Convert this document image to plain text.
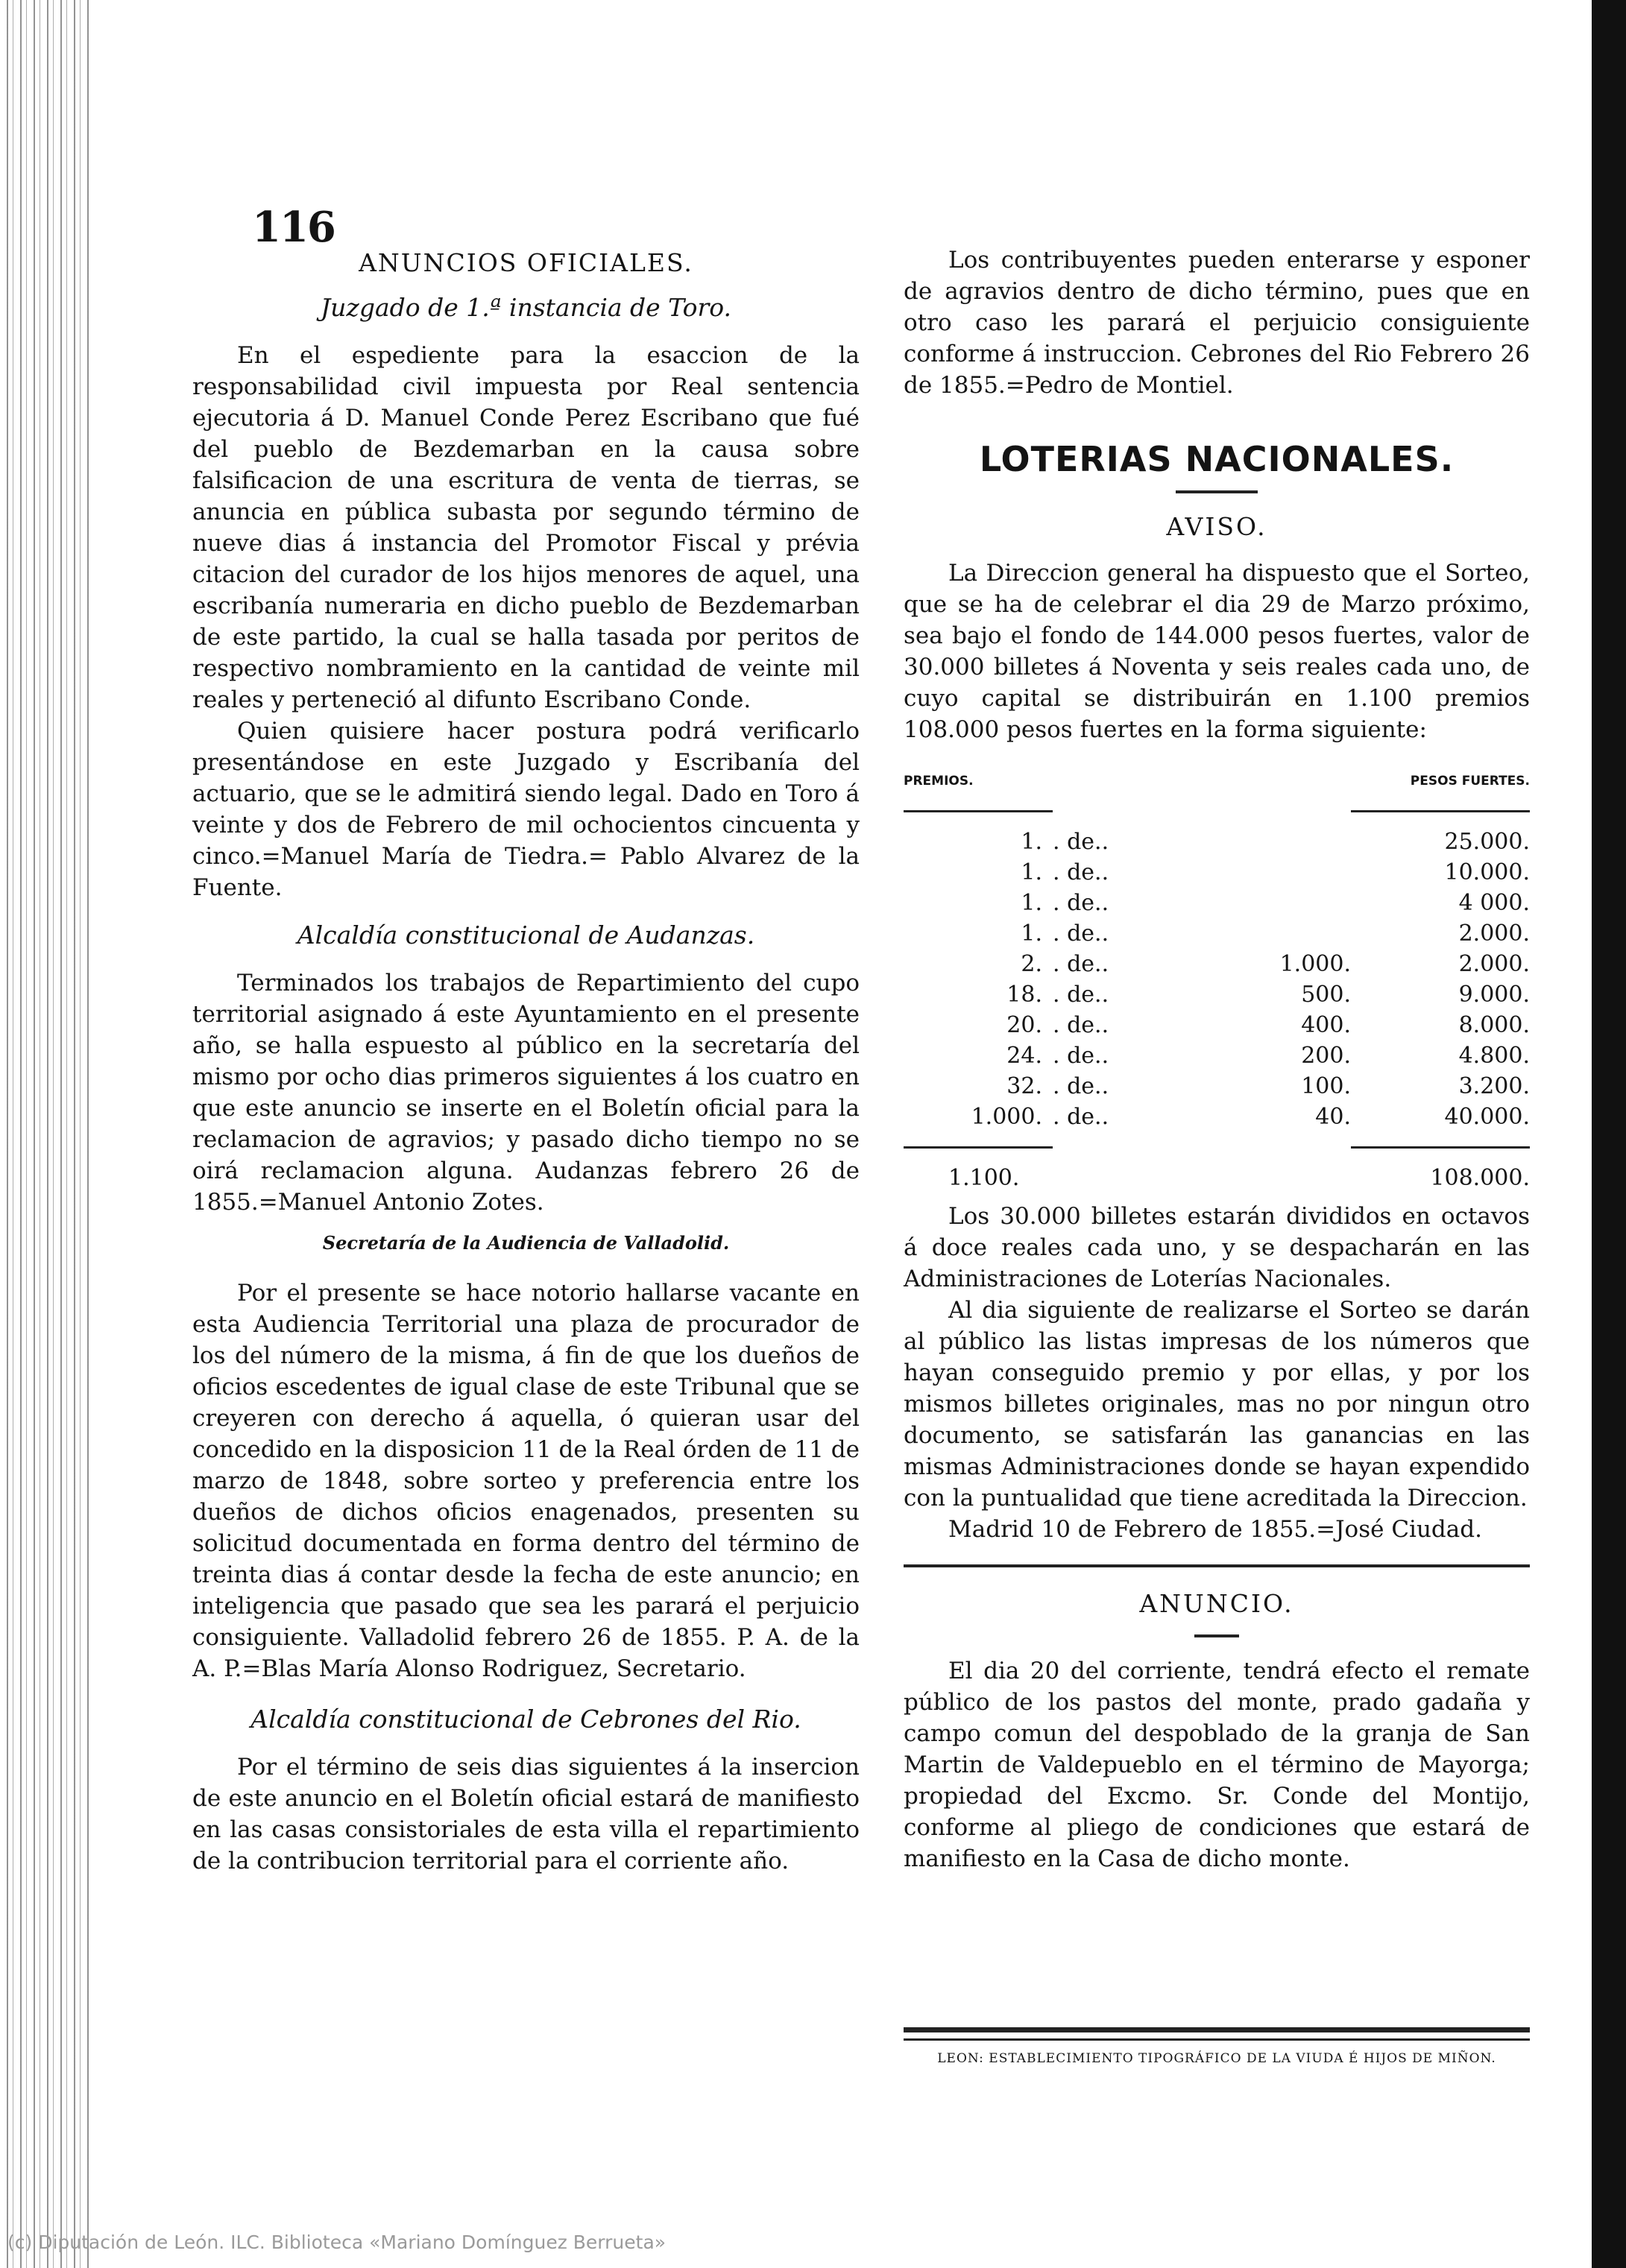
116
ANUNCIOS OFICIALES.
Juzgado de 1.ª instancia de Toro.

En el espediente para la esaccion de la responsabilidad civil impuesta por Real sentencia ejecutoria á D. Manuel Conde Perez Escribano que fué del pueblo de Bezdemarban en la causa sobre falsificacion de una escritura de venta de tierras, se anuncia en pública subasta por segundo término de nueve dias á instancia del Promotor Fiscal y prévia citacion del curador de los hijos menores de aquel, una escribanía numeraria en dicho pueblo de Bezdemarban de este partido, la cual se halla tasada por peritos de respectivo nombramiento en la cantidad de veinte mil reales y perteneció al difunto Escribano Conde.

Quien quisiere hacer postura podrá verificarlo presentándose en este Juzgado y Escribanía del actuario, que se le admitirá siendo legal. Dado en Toro á veinte y dos de Febrero de mil ochocientos cincuenta y cinco.=Manuel María de Tiedra.= Pablo Alvarez de la Fuente.

Alcaldía constitucional de Audanzas.

Terminados los trabajos de Repartimiento del cupo territorial asignado á este Ayuntamiento en el presente año, se halla espuesto al público en la secretaría del mismo por ocho dias primeros siguientes á los cuatro en que este anuncio se inserte en el Boletín oficial para la reclamacion de agravios; y pasado dicho tiempo no se oirá reclamacion alguna. Audanzas febrero 26 de 1855.=Manuel Antonio Zotes.

Secretaría de la Audiencia de Valladolid.

Por el presente se hace notorio hallarse vacante en esta Audiencia Territorial una plaza de procurador de los del número de la misma, á fin de que los dueños de oficios escedentes de igual clase de este Tribunal que se creyeren con derecho á aquella, ó quieran usar del concedido en la disposicion 11 de la Real órden de 11 de marzo de 1848, sobre sorteo y preferencia entre los dueños de dichos oficios enagenados, presenten su solicitud documentada en forma dentro del término de treinta dias á contar desde la fecha de este anuncio; en inteligencia que pasado que sea les parará el perjuicio consiguiente. Valladolid febrero 26 de 1855. P. A. de la A. P.=Blas María Alonso Rodriguez, Secretario.

Alcaldía constitucional de Cebrones del Rio.

Por el término de seis dias siguientes á la insercion de este anuncio en el Boletín oficial estará de manifiesto en las casas consistoriales de esta villa el repartimiento de la contribucion territorial para el corriente año.

Los contribuyentes pueden enterarse y esponer de agravios dentro de dicho término, pues que en otro caso les parará el perjuicio consiguiente conforme á instruccion. Cebrones del Rio Febrero 26 de 1855.=Pedro de Montiel.

LOTERIAS NACIONALES.
AVISO.

La Direccion general ha dispuesto que el Sorteo, que se ha de celebrar el dia 29 de Marzo próximo, sea bajo el fondo de 144.000 pesos fuertes, valor de 30.000 billetes á Noventa y seis reales cada uno, de cuyo capital se distribuirán en 1.100 premios 108.000 pesos fuertes en la forma siguiente:

PREMIOS.			PESOS FUERTES.

1.	. de..		25.000.
1.	. de..		10.000.
1.	. de..		4 000.
1.	. de..		2.000.
2.	. de..	1.000.	2.000.
18.	. de..	500.	9.000.
20.	. de..	400.	8.000.
24.	. de..	200.	4.800.
32.	. de..	100.	3.200.
1.000.	. de..	40.	40.000.

1.100.			108.000.

Los 30.000 billetes estarán divididos en octavos á doce reales cada uno, y se despacharán en las Administraciones de Loterías Nacionales.

Al dia siguiente de realizarse el Sorteo se darán al público las listas impresas de los números que hayan conseguido premio y por ellas, y por los mismos billetes originales, mas no por ningun otro documento, se satisfarán las ganancias en las mismas Administraciones donde se hayan expendido con la puntualidad que tiene acreditada la Direccion.

Madrid 10 de Febrero de 1855.=José Ciudad.

ANUNCIO.

El dia 20 del corriente, tendrá efecto el remate público de los pastos del monte, prado gadaña y campo comun del despoblado de la granja de San Martin de Valdepueblo en el término de Mayorga; propiedad del Excmo. Sr. Conde del Montijo, conforme al pliego de condiciones que estará de manifiesto en la Casa de dicho monte.

LEON: ESTABLECIMIENTO TIPOGRÁFICO DE LA VIUDA É HIJOS DE MIÑON.
(c) Diputación de León. ILC. Biblioteca «Mariano Domínguez Berrueta»
